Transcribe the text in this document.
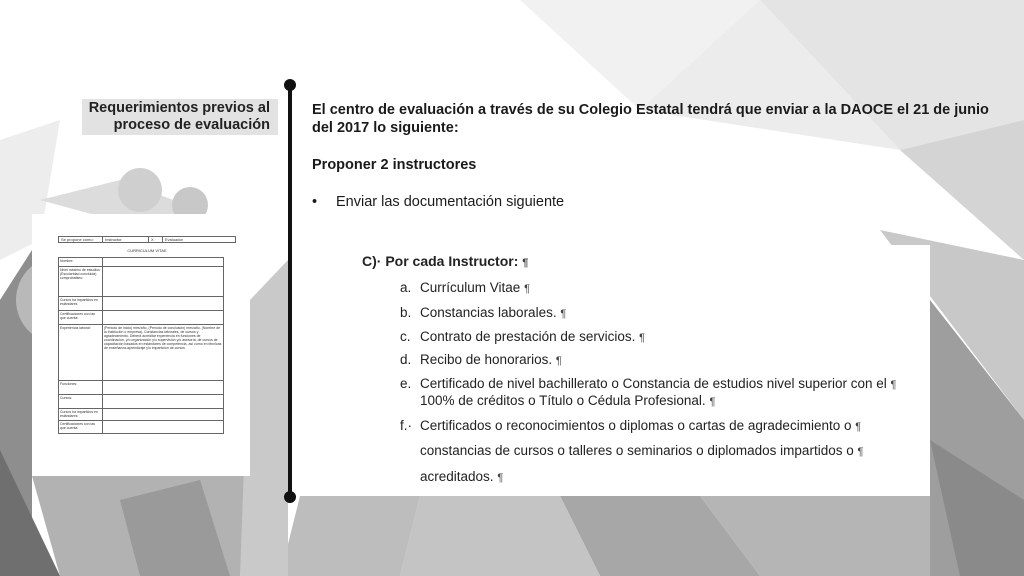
Requerimientos previos al proceso de evaluación
El centro de evaluación a través de su Colegio Estatal tendrá que enviar a la DAOCE el 21 de junio del 2017 lo siguiente:
Proponer 2 instructores
•	Enviar las documentación siguiente
Se propone como:	Instructor	X	Evaluador
CURRICULUM VITAE
Nombre:
Nivel máximo de estudios (Escolaridad concluida) comprobables:
Cursos ha impartidos en estándares
Certificaciones con las que cuenta:
Experiencia laboral:	(Periodo de inicio) mes/año, (Periodo de conclusión) mes/año. (Nombre de la Institución o empresa), Constancias laborales, de cursos y agradecimiento. Deberá acreditar experiencia en funciones de coordinación, y/o organización y/o supervisión y/o asesoría, de cursos de capacitación basados en estándares de competencia, así como en técnicas de enseñanza-aprendizaje y/o impartición de cursos
Funciones:
Cursos:
Cursos ha impartidos en estándares:
Certificaciones con las que cuenta:
C)· Por cada Instructor: ¶
a. Currículum Vitae ¶
b. Constancias laborales. ¶
c. Contrato de prestación de servicios. ¶
d. Recibo de honorarios. ¶
e. Certificado de nivel bachillerato o Constancia de estudios nivel superior con el ¶
100% de créditos o Título o Cédula Profesional. ¶
f.· Certificados o reconocimientos o diplomas o cartas de agradecimiento o ¶
constancias de cursos o talleres o seminarios o diplomados impartidos o ¶
acreditados. ¶
